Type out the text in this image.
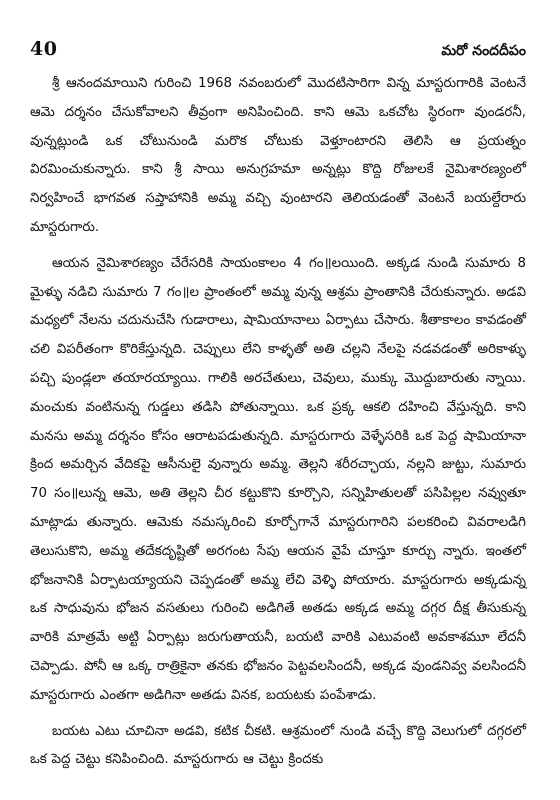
40	మరో నందదీపం

శ్రీ ఆనందమాయిని గురించి 1968 నవంబరులో మొదటిసారిగా విన్న మాస్టరుగారికి వెంటనే ఆమె దర్శనం చేసుకోవాలని తీవ్రంగా అనిపించింది. కాని ఆమె ఒకచోట స్థిరంగా వుండరనీ, వున్నట్లుండి ఒక చోటునుండి మరొక చోటుకు వెళ్తూంటారని తెలిసి ఆ ప్రయత్నం విరమించుకున్నారు. కాని శ్రీ సాయి అనుగ్రహమా అన్నట్లు కొద్ది రోజులకే నైమిశారణ్యంలో నిర్వహించే భాగవత సప్తాహానికి అమ్మ వచ్చి వుంటారని తెలియడంతో వెంటనే బయల్దేరారు మాస్టరుగారు.

ఆయన నైమిశారణ్యం చేరేసరికి సాయంకాలం 4 గం॥లయింది. అక్కడ నుండి సుమారు 8 మైళ్ళు నడిచి సుమారు 7 గం॥ల ప్రాంతంలో అమ్మ వున్న ఆశ్రమ ప్రాంతానికి చేరుకున్నారు. అడవి మధ్యలో నేలను చదునుచేసి గుడారాలు, షామియానాలు ఏర్పాటు చేసారు. శీతాకాలం కావడంతో చలి విపరీతంగా కొరికేస్తున్నది. చెప్పులు లేని కాళ్ళతో అతి చల్లని నేలపై నడవడంతో అరికాళ్ళు పచ్చి పుండ్లలా తయారయ్యాయి. గాలికి అరచేతులు, చెవులు, ముక్కు మొద్దుబారుతు న్నాయి. మంచుకు వంటినున్న గుడ్డలు తడిసి పోతున్నాయి. ఒక ప్రక్క ఆకలి దహించి వేస్తున్నది. కాని మనసు అమ్మ దర్శనం కోసం ఆరాటపడుతున్నది. మాస్టరుగారు వెళ్ళేసరికి ఒక పెద్ద షామియానా క్రింద అమర్చిన వేదికపై ఆసీనులై వున్నారు అమ్మ. తెల్లని శరీరచ్ఛాయ, నల్లని జుట్టు, సుమారు 70 సం॥లున్న ఆమె, అతి తెల్లని చీర కట్టుకొని కూర్చొని, సన్నిహితులతో పసిపిల్లల నవ్వుతూ మాట్లాడు తున్నారు. ఆమెకు నమస్కరించి కూర్చోగానే మాస్టరుగారిని పలకరించి వివరాలడిగి తెలుసుకొని, అమ్మ తదేకదృష్టితో అరగంట సేపు ఆయన వైపే చూస్తూ కూర్చు న్నారు. ఇంతలో భోజనానికి ఏర్పాటయ్యాయని చెప్పడంతో అమ్మ లేచి వెళ్ళి పోయారు. మాస్టరుగారు అక్కడున్న ఒక సాధువును భోజన వసతులు గురించి అడిగితే అతడు అక్కడ అమ్మ దగ్గర దీక్ష తీసుకున్న వారికి మాత్రమే అట్టి ఏర్పాట్లు జరుగుతాయనీ, బయటి వారికి ఎటువంటి అవకాశమూ లేదనీ చెప్పాడు. పోనీ ఆ ఒక్క రాత్రికైనా తనకు భోజనం పెట్టవలసిందనీ, అక్కడ వుండనివ్వ వలసిందనీ మాస్టరుగారు ఎంతగా అడిగినా అతడు వినక, బయటకు పంపేశాడు.

బయట ఎటు చూచినా అడవి, కటిక చీకటి. ఆశ్రమంలో నుండి వచ్చే కొద్ది వెలుగులో దగ్గరలో ఒక పెద్ద చెట్టు కనిపించింది. మాస్టరుగారు ఆ చెట్టు క్రిందకు
